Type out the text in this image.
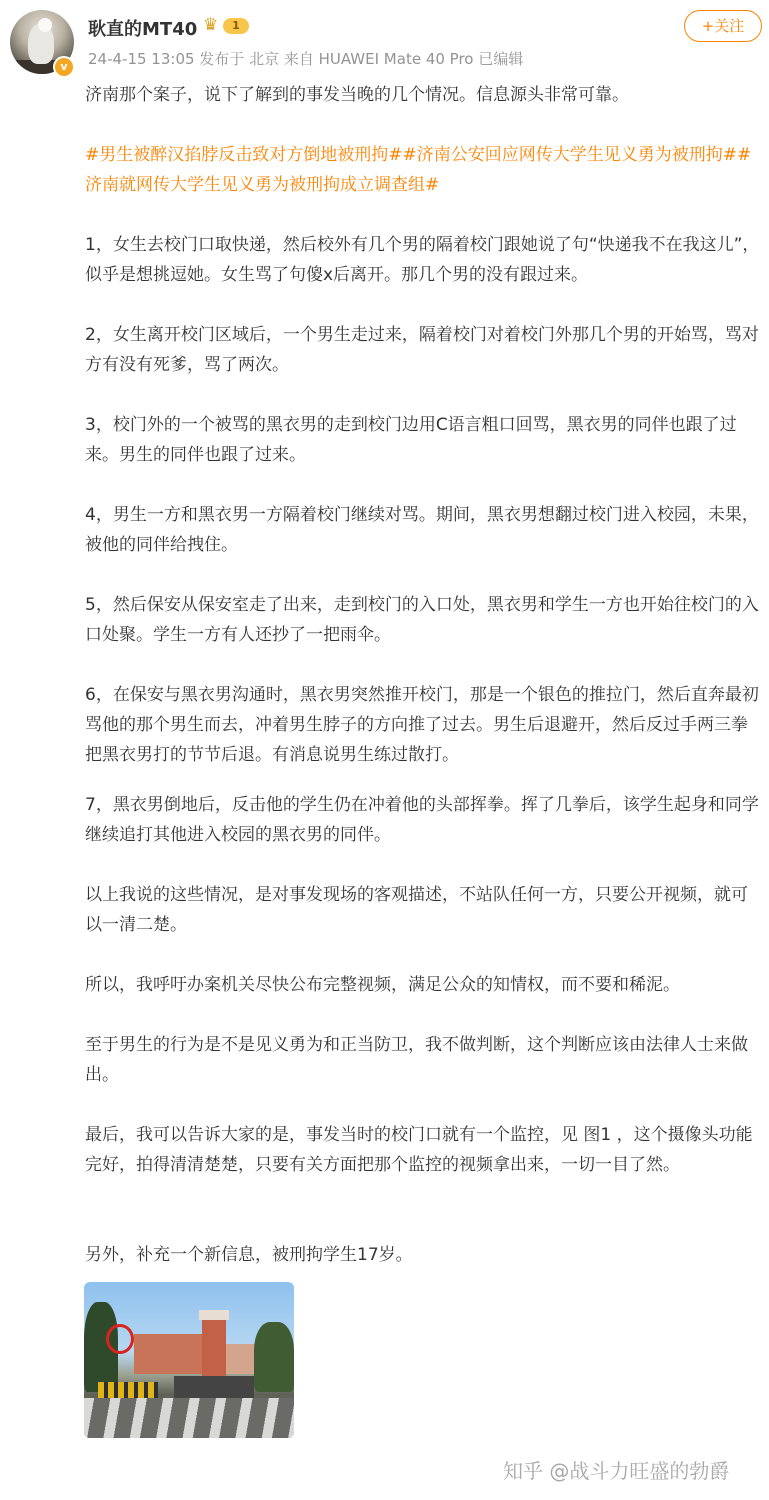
v
耿直的MT40 ♛	1
24-4-15 13:05 发布于 北京 来自 HUAWEI Mate 40 Pro 已编辑
+关注

济南那个案子，说下了解到的事发当晚的几个情况。信息源头非常可靠。

#男生被醉汉掐脖反击致对方倒地被刑拘##济南公安回应网传大学生见义勇为被刑拘##济南就网传大学生见义勇为被刑拘成立调查组#

1，女生去校门口取快递，然后校外有几个男的隔着校门跟她说了句“快递我不在我这儿”，似乎是想挑逗她。女生骂了句傻x后离开。那几个男的没有跟过来。

2，女生离开校门区域后，一个男生走过来，隔着校门对着校门外那几个男的开始骂，骂对方有没有死爹，骂了两次。

3，校门外的一个被骂的黑衣男的走到校门边用C语言粗口回骂，黑衣男的同伴也跟了过来。男生的同伴也跟了过来。

4，男生一方和黑衣男一方隔着校门继续对骂。期间，黑衣男想翻过校门进入校园，未果，被他的同伴给拽住。

5，然后保安从保安室走了出来，走到校门的入口处，黑衣男和学生一方也开始往校门的入口处聚。学生一方有人还抄了一把雨伞。

6，在保安与黑衣男沟通时，黑衣男突然推开校门，那是一个银色的推拉门，然后直奔最初骂他的那个男生而去，冲着男生脖子的方向推了过去。男生后退避开，然后反过手两三拳把黑衣男打的节节后退。有消息说男生练过散打。

7，黑衣男倒地后，反击他的学生仍在冲着他的头部挥拳。挥了几拳后，该学生起身和同学继续追打其他进入校园的黑衣男的同伴。

以上我说的这些情况，是对事发现场的客观描述，不站队任何一方，只要公开视频，就可以一清二楚。

所以，我呼吁办案机关尽快公布完整视频，满足公众的知情权，而不要和稀泥。

至于男生的行为是不是见义勇为和正当防卫，我不做判断，这个判断应该由法律人士来做出。

最后，我可以告诉大家的是，事发当时的校门口就有一个监控，见 图1 ，这个摄像头功能完好，拍得清清楚楚，只要有关方面把那个监控的视频拿出来，一切一目了然。

另外，补充一个新信息，被刑拘学生17岁。

知乎 @战斗力旺盛的勃爵
